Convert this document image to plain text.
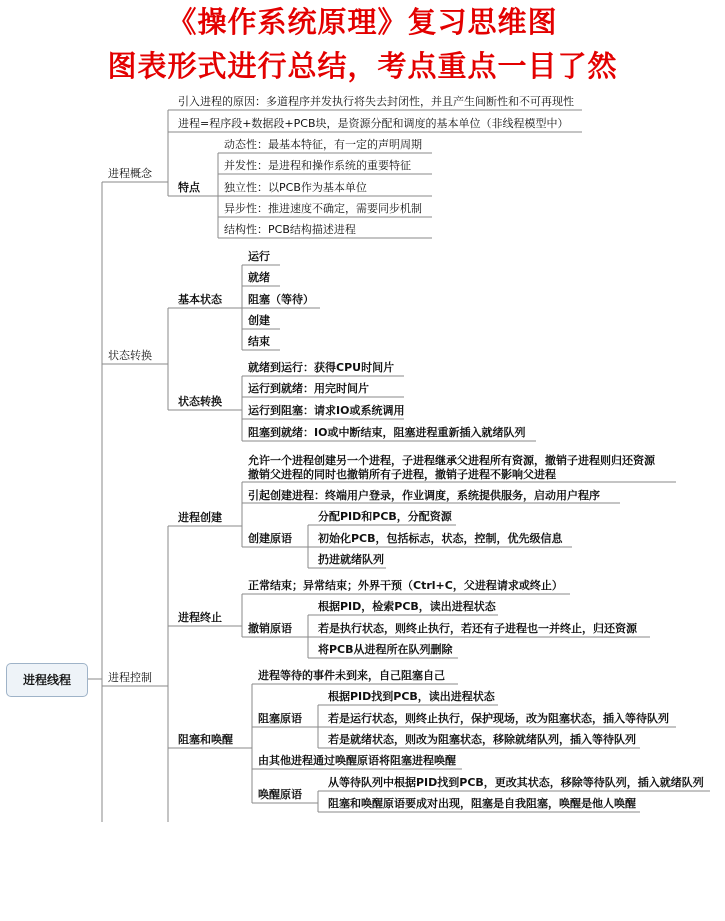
《操作系统原理》复习思维图
图表形式进行总结，考点重点一目了然
进程线程
进程概念
状态转换
进程控制
引入进程的原因：多道程序并发执行将失去封闭性，并且产生间断性和不可再现性
进程=程序段+数据段+PCB块，是资源分配和调度的基本单位（非线程模型中）
特点
动态性：最基本特征，有一定的声明周期
并发性：是进程和操作系统的重要特征
独立性：以PCB作为基本单位
异步性：推进速度不确定，需要同步机制
结构性：PCB结构描述进程
基本状态
运行
就绪
阻塞（等待）
创建
结束
状态转换
就绪到运行：获得CPU时间片
运行到就绪：用完时间片
运行到阻塞：请求IO或系统调用
阻塞到就绪：IO或中断结束，阻塞进程重新插入就绪队列
进程创建
允许一个进程创建另一个进程，子进程继承父进程所有资源，撤销子进程则归还资源
撤销父进程的同时也撤销所有子进程，撤销子进程不影响父进程
引起创建进程：终端用户登录，作业调度，系统提供服务，启动用户程序
创建原语
分配PID和PCB，分配资源
初始化PCB，包括标志，状态，控制，优先级信息
扔进就绪队列
进程终止
正常结束；异常结束；外界干预（Ctrl+C，父进程请求或终止）
撤销原语
根据PID，检索PCB，读出进程状态
若是执行状态，则终止执行，若还有子进程也一并终止，归还资源
将PCB从进程所在队列删除
阻塞和唤醒
进程等待的事件未到来，自己阻塞自己
阻塞原语
根据PID找到PCB，读出进程状态
若是运行状态，则终止执行，保护现场，改为阻塞状态，插入等待队列
若是就绪状态，则改为阻塞状态，移除就绪队列，插入等待队列
由其他进程通过唤醒原语将阻塞进程唤醒
唤醒原语
从等待队列中根据PID找到PCB，更改其状态，移除等待队列，插入就绪队列
阻塞和唤醒原语要成对出现，阻塞是自我阻塞，唤醒是他人唤醒
